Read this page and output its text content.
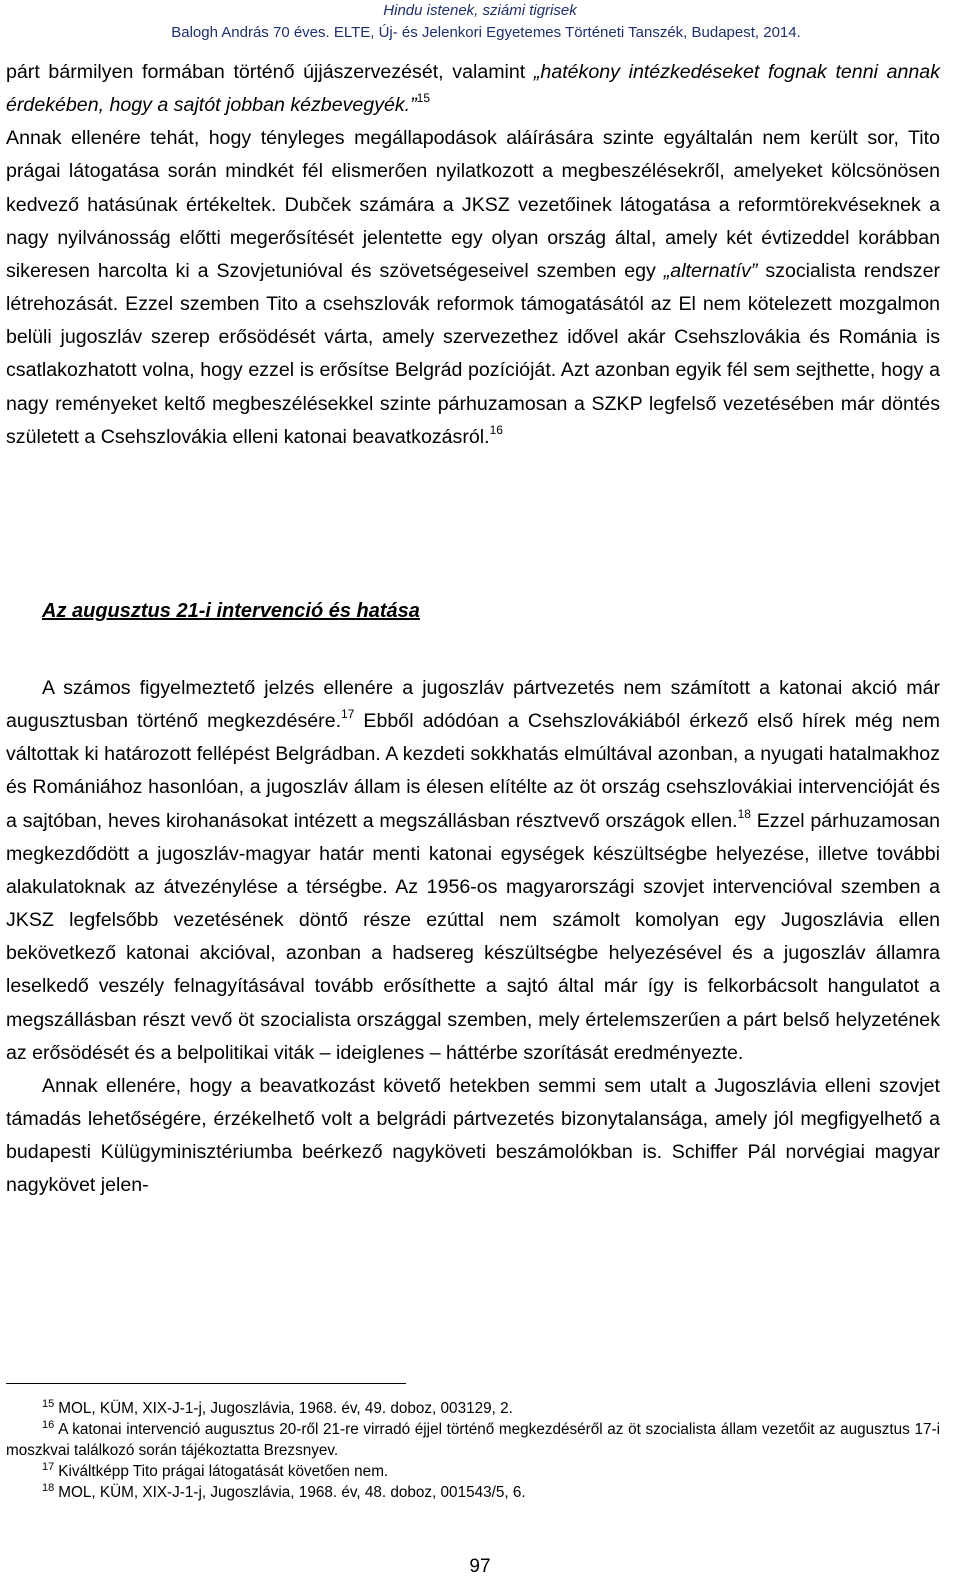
Hindu istenek, sziámi tigrisek
Balogh András 70 éves. ELTE, Új- és Jelenkori Egyetemes Történeti Tanszék, Budapest, 2014.

párt bármilyen formában történő újjászervezését, valamint „hatékony intézkedéseket fognak tenni annak érdekében, hogy a sajtót jobban kézbevegyék.”$^{15}$
Annak ellenére tehát, hogy tényleges megállapodások aláírására szinte egyáltalán nem került sor, Tito prágai látogatása során mindkét fél elismerően nyilatkozott a megbeszélésekről, amelyeket kölcsönösen kedvező hatásúnak értékeltek. Dubček számára a JKSZ vezetőinek látogatása a reformtörekvéseknek a nagy nyilvánosság előtti megerősítését jelentette egy olyan ország által, amely két évtizeddel korábban sikeresen harcolta ki a Szovjetunióval és szövetségeseivel szemben egy „alternatív” szocialista rendszer létrehozását. Ezzel szemben Tito a csehszlovák reformok támogatásától az El nem kötelezett mozgalmon belüli jugoszláv szerep erősödését várta, amely szervezethez idővel akár Csehszlovákia és Románia is csatlakozhatott volna, hogy ezzel is erősítse Belgrád pozícióját. Azt azonban egyik fél sem sejthette, hogy a nagy reményeket keltő megbeszélésekkel szinte párhuzamosan a SZKP legfelső vezetésében már döntés született a Csehszlovákia elleni katonai beavatkozásról.$^{16}$

Az augusztus 21-i intervenció és hatása

A számos figyelmeztető jelzés ellenére a jugoszláv pártvezetés nem számított a katonai akció már augusztusban történő megkezdésére.$^{17}$ Ebből adódóan a Csehszlovákiából érkező első hírek még nem váltottak ki határozott fellépést Belgrádban. A kezdeti sokkhatás elmúltával azonban, a nyugati hatalmakhoz és Romániához hasonlóan, a jugoszláv állam is élesen elítélte az öt ország csehszlovákiai intervencióját és a sajtóban, heves kirohanásokat intézett a megszállásban résztvevő országok ellen.$^{18}$ Ezzel párhuzamosan megkezdődött a jugoszláv-magyar határ menti katonai egységek készültségbe helyezése, illetve további alakulatoknak az átvezénylése a térségbe. Az 1956-os magyarországi szovjet intervencióval szemben a JKSZ legfelsőbb vezetésének döntő része ezúttal nem számolt komolyan egy Jugoszlávia ellen bekövetkező katonai akcióval, azonban a hadsereg készültségbe helyezésével és a jugoszláv államra leselkedő veszély felnagyításával tovább erősíthette a sajtó által már így is felkorbácsolt hangulatot a megszállásban részt vevő öt szocialista országgal szemben, mely értelemszerűen a párt belső helyzetének az erősödését és a belpolitikai viták – ideiglenes – háttérbe szorítását eredményezte.

Annak ellenére, hogy a beavatkozást követő hetekben semmi sem utalt a Jugoszlávia elleni szovjet támadás lehetőségére, érzékelhető volt a belgrádi pártvezetés bizonytalansága, amely jól megfigyelhető a budapesti Külügyminisztériumba beérkező nagyköveti beszámolókban is. Schiffer Pál norvégiai magyar nagykövet jelen-

$^{15}$ MOL, KÜM, XIX-J-1-j, Jugoszlávia, 1968. év, 49. doboz, 003129, 2.

$^{16}$ A katonai intervenció augusztus 20-ről 21-re virradó éjjel történő megkezdéséről az öt szocialista állam vezetőit az augusztus 17-i moszkvai találkozó során tájékoztatta Brezsnyev.

$^{17}$ Kiváltképp Tito prágai látogatását követően nem.

$^{18}$ MOL, KÜM, XIX-J-1-j, Jugoszlávia, 1968. év, 48. doboz, 001543/5, 6.

97
